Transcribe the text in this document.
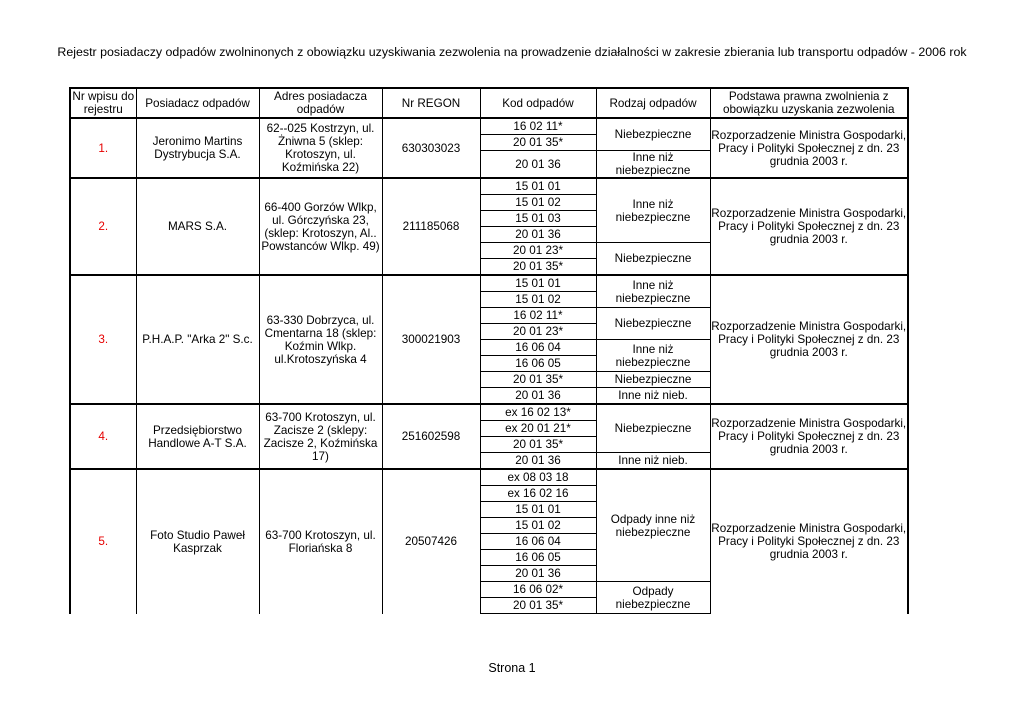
Rejestr posiadaczy odpadów zwolninonych z obowiązku uzyskiwania zezwolenia na prowadzenie działalności w zakresie zbierania lub transportu odpadów - 2006 rok
Nr wpisu do rejestru	Posiadacz odpadów	Adres posiadacza odpadów	Nr REGON	Kod odpadów	Rodzaj odpadów	Podstawa prawna zwolnienia z obowiązku uzyskania zezwolenia
1.	Jeronimo Martins Dystrybucja S.A.	62--025 Kostrzyn, ul. Żniwna 5 (sklep: Krotoszyn, ul. Koźmińska 22)	630303023	16 02 11*	Niebezpieczne	Rozporzadzenie Ministra Gospodarki, Pracy i Polityki Społecznej z dn. 23 grudnia 2003 r.
				20 01 35*		
				20 01 36	Inne niż niebezpieczne	
2.	MARS S.A.	66-400 Gorzów Wlkp, ul. Górczyńska 23, (sklep: Krotoszyn, Al.. Powstanców Wlkp. 49)	211185068	15 01 01	Inne niż niebezpieczne	Rozporzadzenie Ministra Gospodarki, Pracy i Polityki Społecznej z dn. 23 grudnia 2003 r.
				15 01 02		
				15 01 03		
				20 01 36		
				20 01 23*	Niebezpieczne	
				20 01 35*		
3.	P.H.A.P. "Arka 2" S.c.	63-330 Dobrzyca, ul. Cmentarna 18 (sklep: Koźmin Wlkp. ul.Krotoszyńska 4	300021903	15 01 01	Inne niż niebezpieczne	Rozporzadzenie Ministra Gospodarki, Pracy i Polityki Społecznej z dn. 23 grudnia 2003 r.
				15 01 02		
				16 02 11*	Niebezpieczne	
				20 01 23*		
				16 06 04	Inne niż niebezpieczne	
				16 06 05		
				20 01 35*	Niebezpieczne	
				20 01 36	Inne niż nieb.	
4.	Przedsiębiorstwo Handlowe A-T S.A.	63-700 Krotoszyn, ul. Zacisze 2 (sklepy: Zacisze 2, Koźmińska 17)	251602598	ex 16 02 13*	Niebezpieczne	Rozporzadzenie Ministra Gospodarki, Pracy i Polityki Społecznej z dn. 23 grudnia 2003 r.
				ex 20 01 21*		
				20 01 35*		
				20 01 36	Inne niż nieb.	
5.	Foto Studio Paweł Kasprzak	63-700 Krotoszyn, ul. Floriańska 8	20507426	ex 08 03 18	Odpady inne niż niebezpieczne	Rozporzadzenie Ministra Gospodarki, Pracy i Polityki Społecznej z dn. 23 grudnia 2003 r.
				ex 16 02 16		
				15 01 01		
				15 01 02		
				16 06 04		
				16 06 05		
				20 01 36		
				16 06 02*	Odpady niebezpieczne	
				20 01 35*		
Strona 1
